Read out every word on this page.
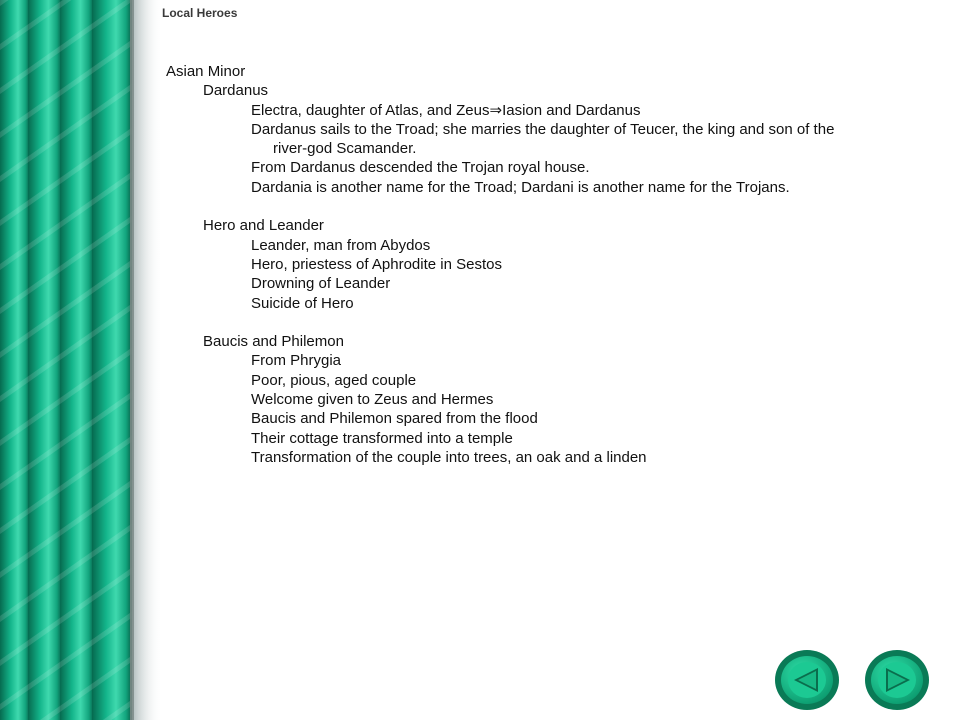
Local Heroes
Asian Minor
Dardanus
Electra, daughter of Atlas, and Zeus⇒Iasion and Dardanus
Dardanus sails to the Troad; she marries the daughter of Teucer, the king and son of the
river-god Scamander.
From Dardanus descended the Trojan royal house.
Dardania is another name for the Troad; Dardani is another name for the Trojans.
Hero and Leander
Leander, man from Abydos
Hero, priestess of Aphrodite in Sestos
Drowning of Leander
Suicide of Hero
Baucis and Philemon
From Phrygia
Poor, pious, aged couple
Welcome given to Zeus and Hermes
Baucis and Philemon spared from the flood
Their cottage transformed into a temple
Transformation of the couple into trees, an oak and a linden
